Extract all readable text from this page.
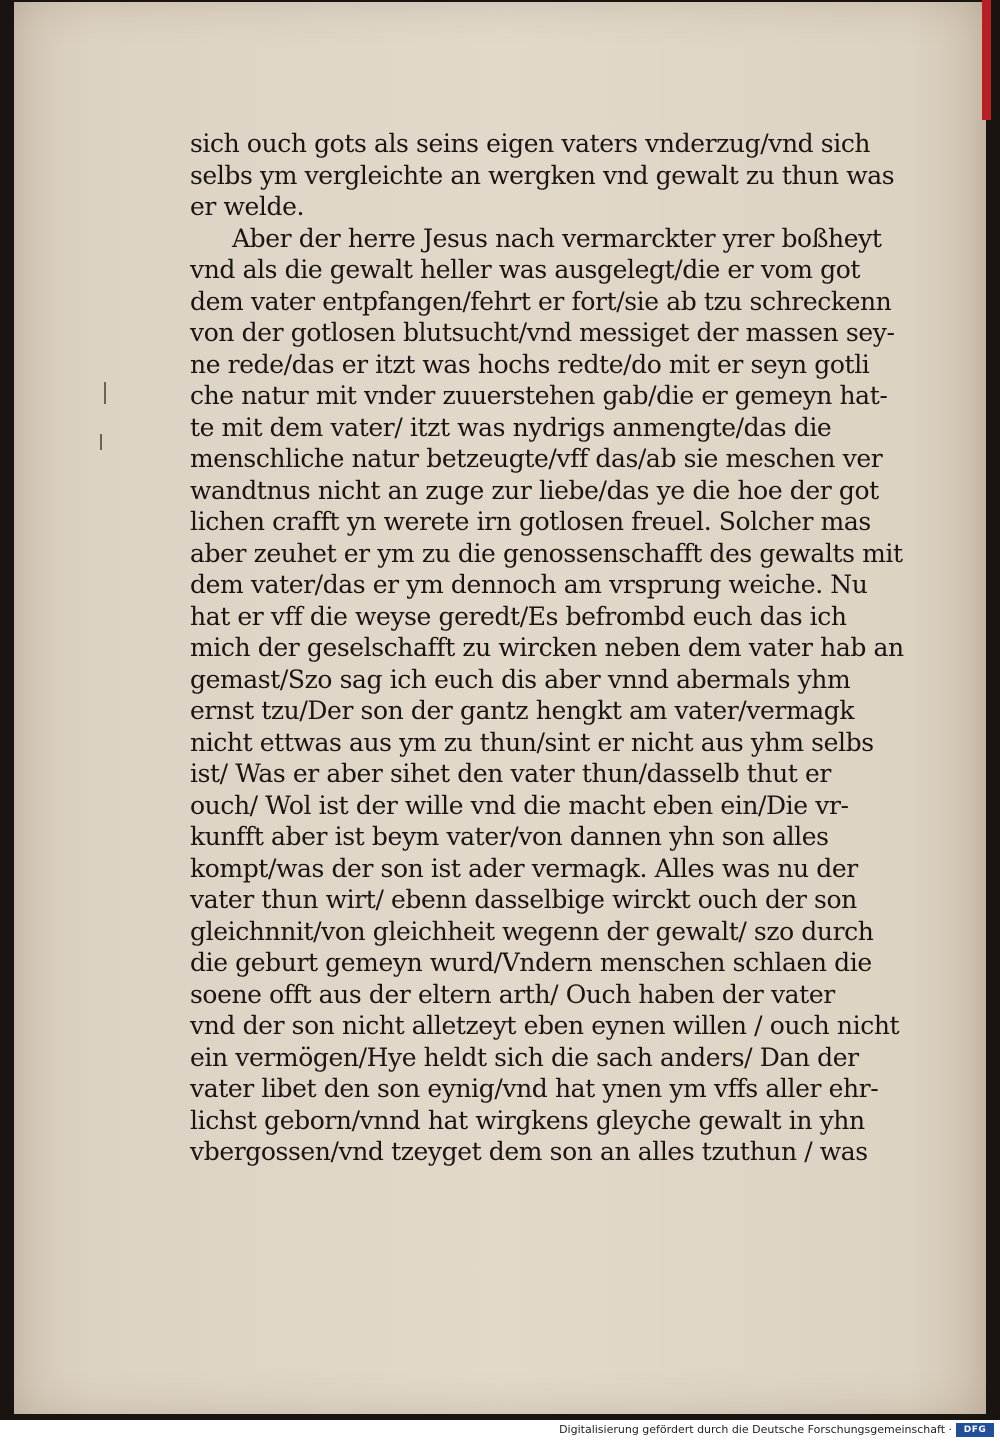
sich ouch gots als seins eigen vaters vnderzug/vnd sich
selbs ym vergleichte an wergken vnd gewalt zu thun was
er welde.
Aber der herre Jesus nach vermarckter yrer boßheyt
vnd als die gewalt heller was ausgelegt/die er vom got
dem vater entpfangen/fehrt er fort/sie ab tzu schreckenn
von der gotlosen blutsucht/vnd messiget der massen sey-
ne rede/das er itzt was hochs redte/do mit er seyn gotli
che natur mit vnder zuuerstehen gab/die er gemeyn hat-
te mit dem vater/ itzt was nydrigs anmengte/das die
menschliche natur betzeugte/vff das/ab sie meschen ver
wandtnus nicht an zuge zur liebe/das ye die hoe der got
lichen crafft yn werete irn gotlosen freuel. Solcher mas
aber zeuhet er ym zu die genossenschafft des gewalts mit
dem vater/das er ym dennoch am vrsprung weiche. Nu
hat er vff die weyse geredt/Es befrombd euch das ich
mich der geselschafft zu wircken neben dem vater hab an
gemast/Szo sag ich euch dis aber vnnd abermals yhm
ernst tzu/Der son der gantz hengkt am vater/vermagk
nicht ettwas aus ym zu thun/sint er nicht aus yhm selbs
ist/ Was er aber sihet den vater thun/dasselb thut er
ouch/ Wol ist der wille vnd die macht eben ein/Die vr-
kunfft aber ist beym vater/von dannen yhn son alles
kompt/was der son ist ader vermagk. Alles was nu der
vater thun wirt/ ebenn dasselbige wirckt ouch der son
gleichnnit/von gleichheit wegenn der gewalt/ szo durch
die geburt gemeyn wurd/Vndern menschen schlaen die
soene offt aus der eltern arth/ Ouch haben der vater
vnd der son nicht alletzeyt eben eynen willen / ouch nicht
ein vermögen/Hye heldt sich die sach anders/ Dan der
vater libet den son eynig/vnd hat ynen ym vffs aller ehr-
lichst geborn/vnnd hat wirgkens gleyche gewalt in yhn
vbergossen/vnd tzeyget dem son an alles tzuthun / was
Digitalisierung gefördert durch die Deutsche Forschungsgemeinschaft ·	DFG
